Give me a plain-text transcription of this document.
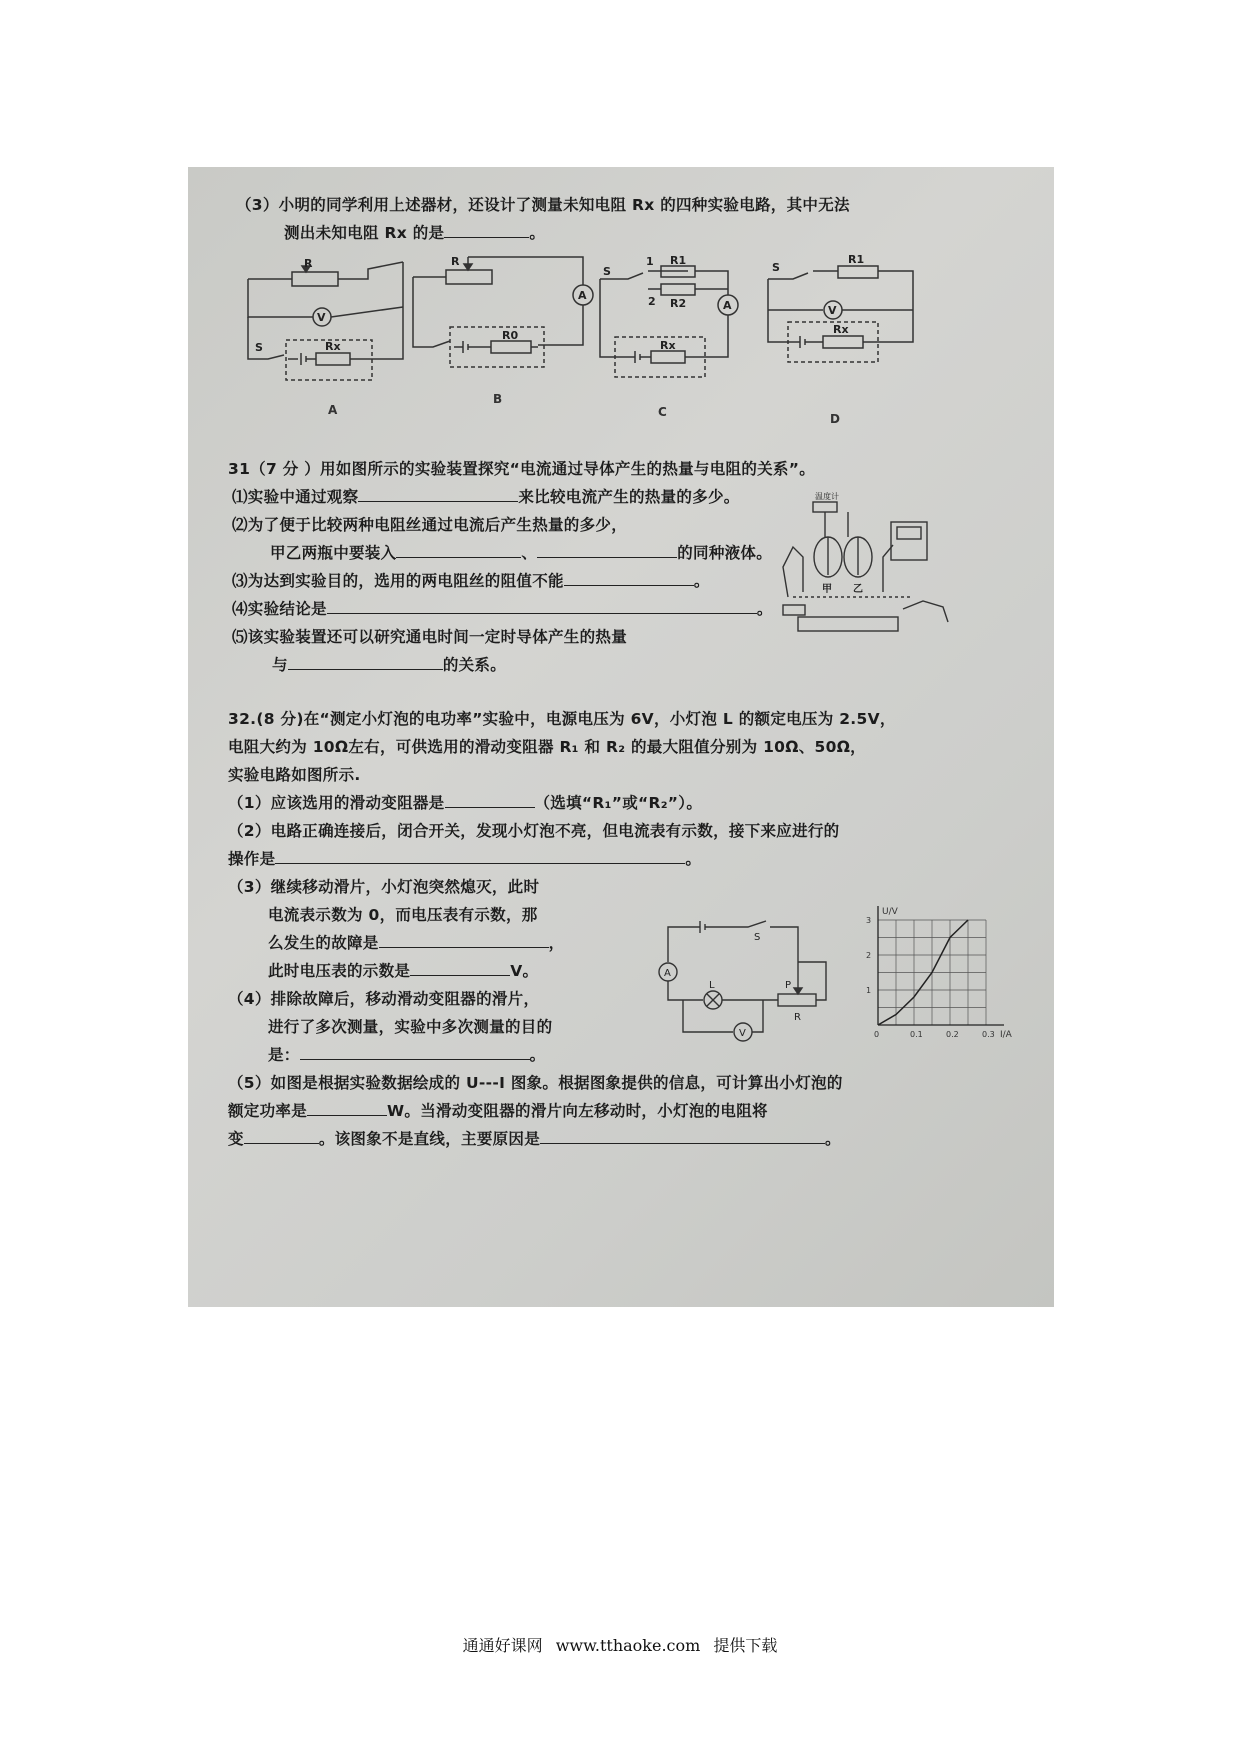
（3）小明的同学利用上述器材，还设计了测量未知电阻 Rx 的四种实验电路，其中无法
测出未知电阻 Rx 的是	。
R
V
S	Rx
R
A
R0
S
1
2
R1
R2	A
Rx
S
R1
V
Rx
A
B
C	D
31（7 分 ）用如图所示的实验装置探究“电流通过导体产生的热量与电阻的关系”。
⑴实验中通过观察	来比较电流产生的热量的多少。
⑵为了便于比较两种电阻丝通过电流后产生热量的多少，
甲乙两瓶中要装入	、	的同种液体。
⑶为达到实验目的，选用的两电阻丝的阻值不能	。
⑷实验结论是	。
⑸该实验装置还可以研究通电时间一定时导体产生的热量
与	的关系。
温度计
甲 乙
32.(8 分)在“测定小灯泡的电功率”实验中，电源电压为 6V，小灯泡 L 的额定电压为 2.5V，
电阻大约为 10Ω左右，可供选用的滑动变阻器 R₁ 和 R₂ 的最大阻值分别为 10Ω、50Ω，
实验电路如图所示.
（1）应该选用的滑动变阻器是	（选填“R₁”或“R₂”）。
（2）电路正确连接后，闭合开关，发现小灯泡不亮，但电流表有示数，接下来应进行的
操作是	。
（3）继续移动滑片，小灯泡突然熄灭，此时
电流表示数为 0，而电压表有示数，那
么发生的故障是	，
此时电压表的示数是	V。
（4）排除故障后，移动滑动变阻器的滑片，
进行了多次测量，实验中多次测量的目的
是：	。
（5）如图是根据实验数据绘成的 U---I 图象。根据图象提供的信息，可计算出小灯泡的
额定功率是	W。当滑动变阻器的滑片向左移动时，小灯泡的电阻将
变	。该图象不是直线，主要原因是	。
S
L	P
R
A
V	0	0.1	0.2	0.3
1
2
3
U/V
I/A
通通好课网 www.tthaoke.com 提供下载
